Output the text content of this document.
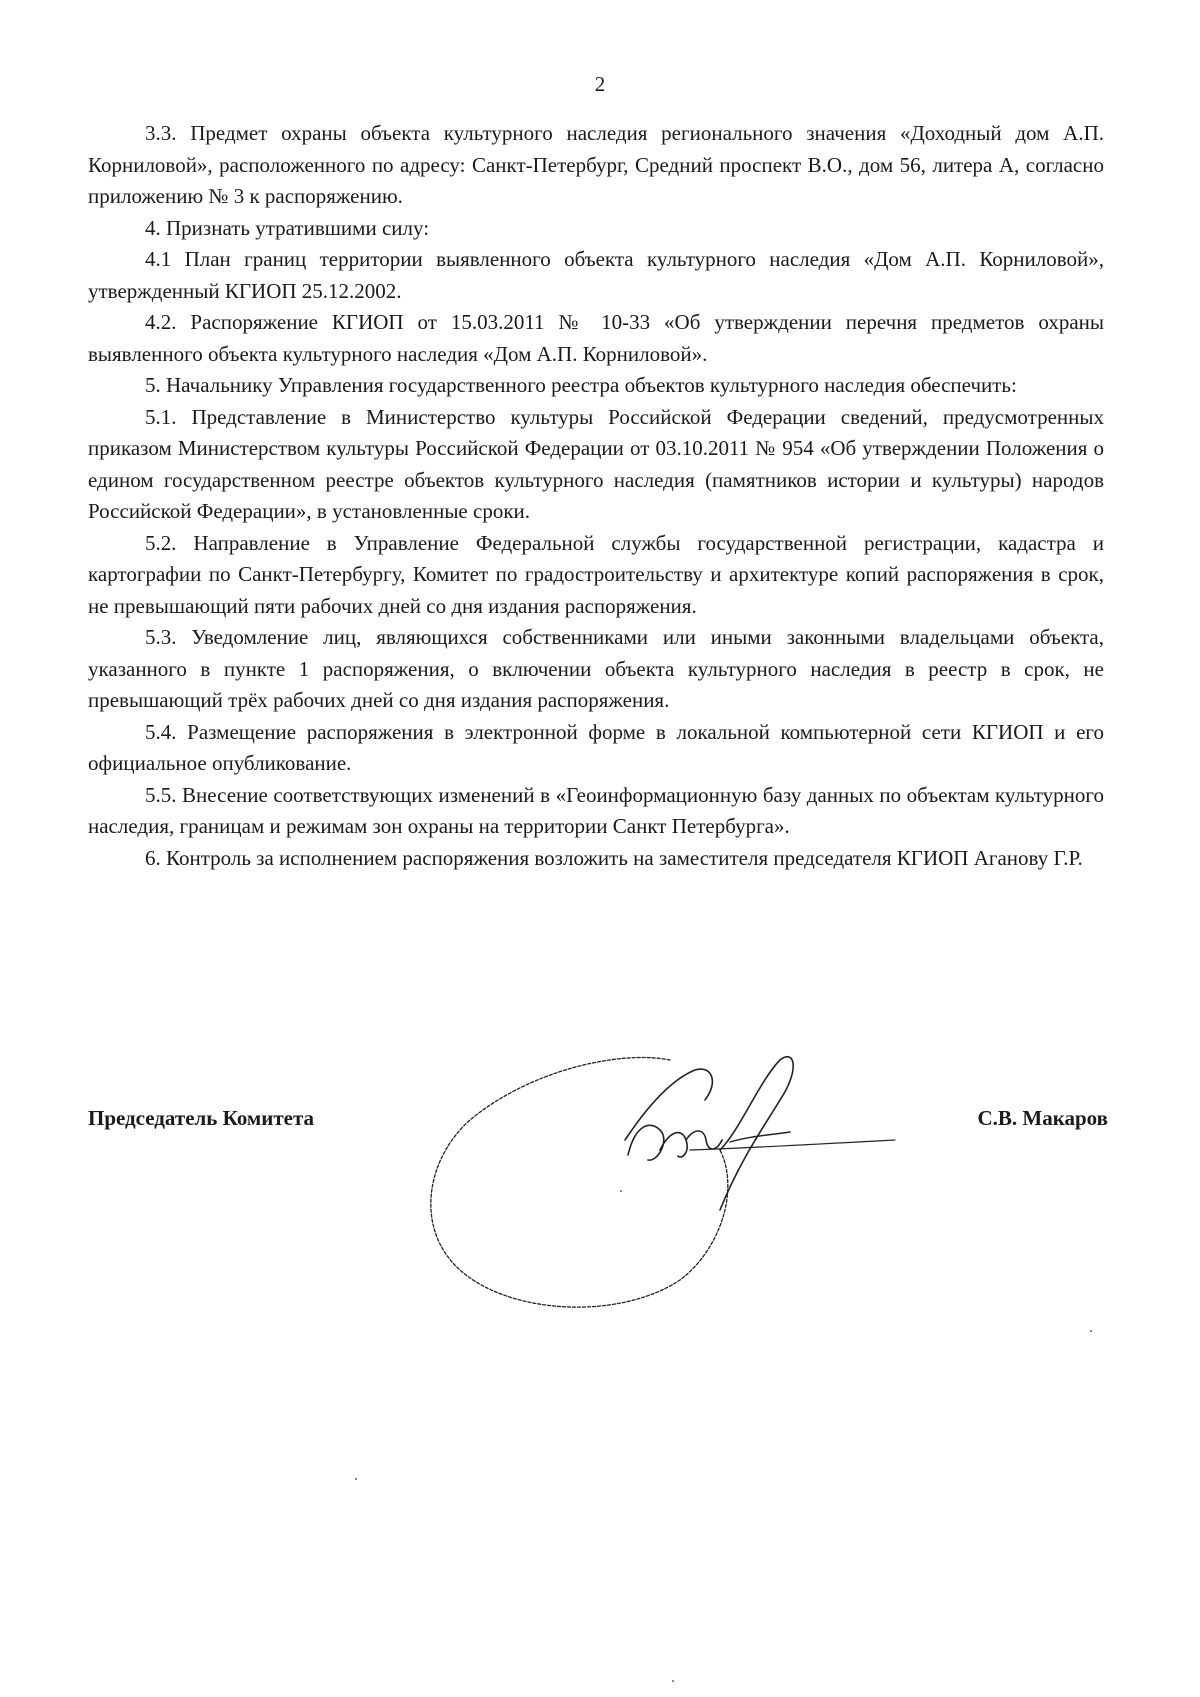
2

3.3. Предмет охраны объекта культурного наследия регионального значения «Доходный дом А.П. Корниловой», расположенного по адресу: Санкт-Петербург, Средний проспект В.О., дом 56, литера А, согласно приложению № 3 к распоряжению.

4. Признать утратившими силу:

4.1 План границ территории выявленного объекта культурного наследия «Дом А.П. Корниловой», утвержденный КГИОП 25.12.2002.

4.2. Распоряжение КГИОП от 15.03.2011 № 10-33 «Об утверждении перечня предметов охраны выявленного объекта культурного наследия «Дом А.П. Корниловой».

5. Начальнику Управления государственного реестра объектов культурного наследия обеспечить:

5.1. Представление в Министерство культуры Российской Федерации сведений, предусмотренных приказом Министерством культуры Российской Федерации от 03.10.2011 № 954 «Об утверждении Положения о едином государственном реестре объектов культурного наследия (памятников истории и культуры) народов Российской Федерации», в установленные сроки.

5.2. Направление в Управление Федеральной службы государственной регистрации, кадастра и картографии по Санкт-Петербургу, Комитет по градостроительству и архитектуре копий распоряжения в срок, не превышающий пяти рабочих дней со дня издания распоряжения.

5.3. Уведомление лиц, являющихся собственниками или иными законными владельцами объекта, указанного в пункте 1 распоряжения, о включении объекта культурного наследия в реестр в срок, не превышающий трёх рабочих дней со дня издания распоряжения.

5.4. Размещение распоряжения в электронной форме в локальной компьютерной сети КГИОП и его официальное опубликование.

5.5. Внесение соответствующих изменений в «Геоинформационную базу данных по объектам культурного наследия, границам и режимам зон охраны на территории Санкт Петербурга».

6. Контроль за исполнением распоряжения возложить на заместителя председателя КГИОП Аганову Г.Р.

Председатель Комитета	С.В. Макаров
